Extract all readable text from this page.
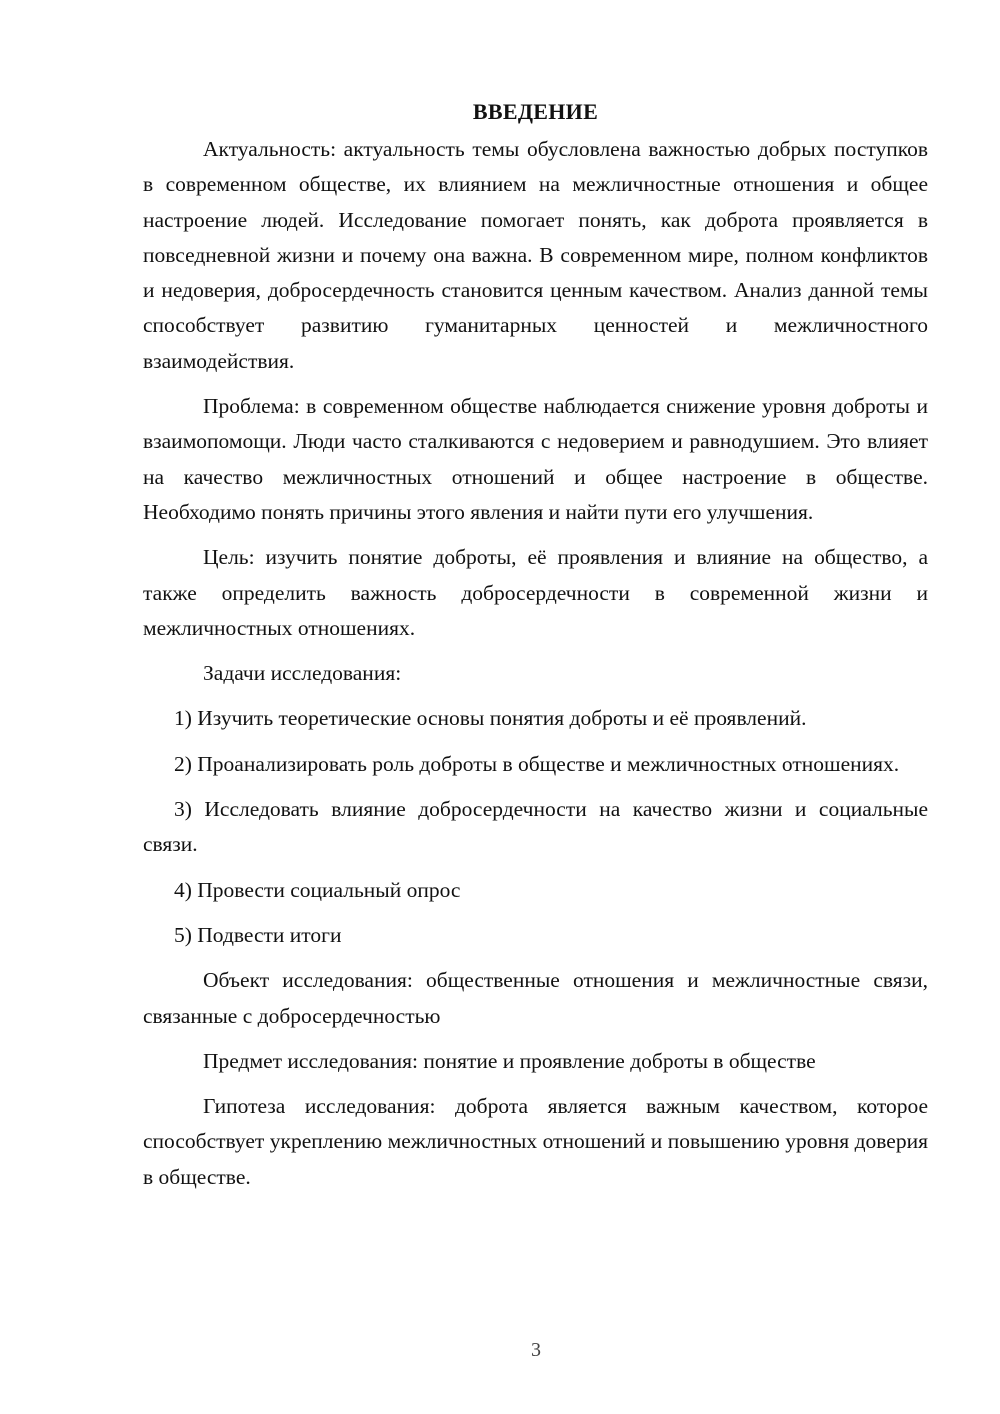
ВВЕДЕНИЕ

Актуальность: актуальность темы обусловлена важностью добрых поступков в современном обществе, их влиянием на межличностные отношения и общее настроение людей. Исследование помогает понять, как доброта проявляется в повседневной жизни и почему она важна. В современном мире, полном конфликтов и недоверия, добросердечность становится ценным качеством. Анализ данной темы способствует развитию гуманитарных ценностей и межличностного взаимодействия.

Проблема: в современном обществе наблюдается снижение уровня доброты и взаимопомощи. Люди часто сталкиваются с недоверием и равнодушием. Это влияет на качество межличностных отношений и общее настроение в обществе. Необходимо понять причины этого явления и найти пути его улучшения.

Цель: изучить понятие доброты, её проявления и влияние на общество, а также определить важность добросердечности в современной жизни и межличностных отношениях.

Задачи исследования:

1) Изучить теоретические основы понятия доброты и её проявлений.

2) Проанализировать роль доброты в обществе и межличностных отношениях.

3) Исследовать влияние добросердечности на качество жизни и социальные связи.

4) Провести социальный опрос

5) Подвести итоги

Объект исследования: общественные отношения и межличностные связи, связанные с добросердечностью

Предмет исследования: понятие и проявление доброты в обществе

Гипотеза исследования: доброта является важным качеством, которое способствует укреплению межличностных отношений и повышению уровня доверия в обществе.

3
